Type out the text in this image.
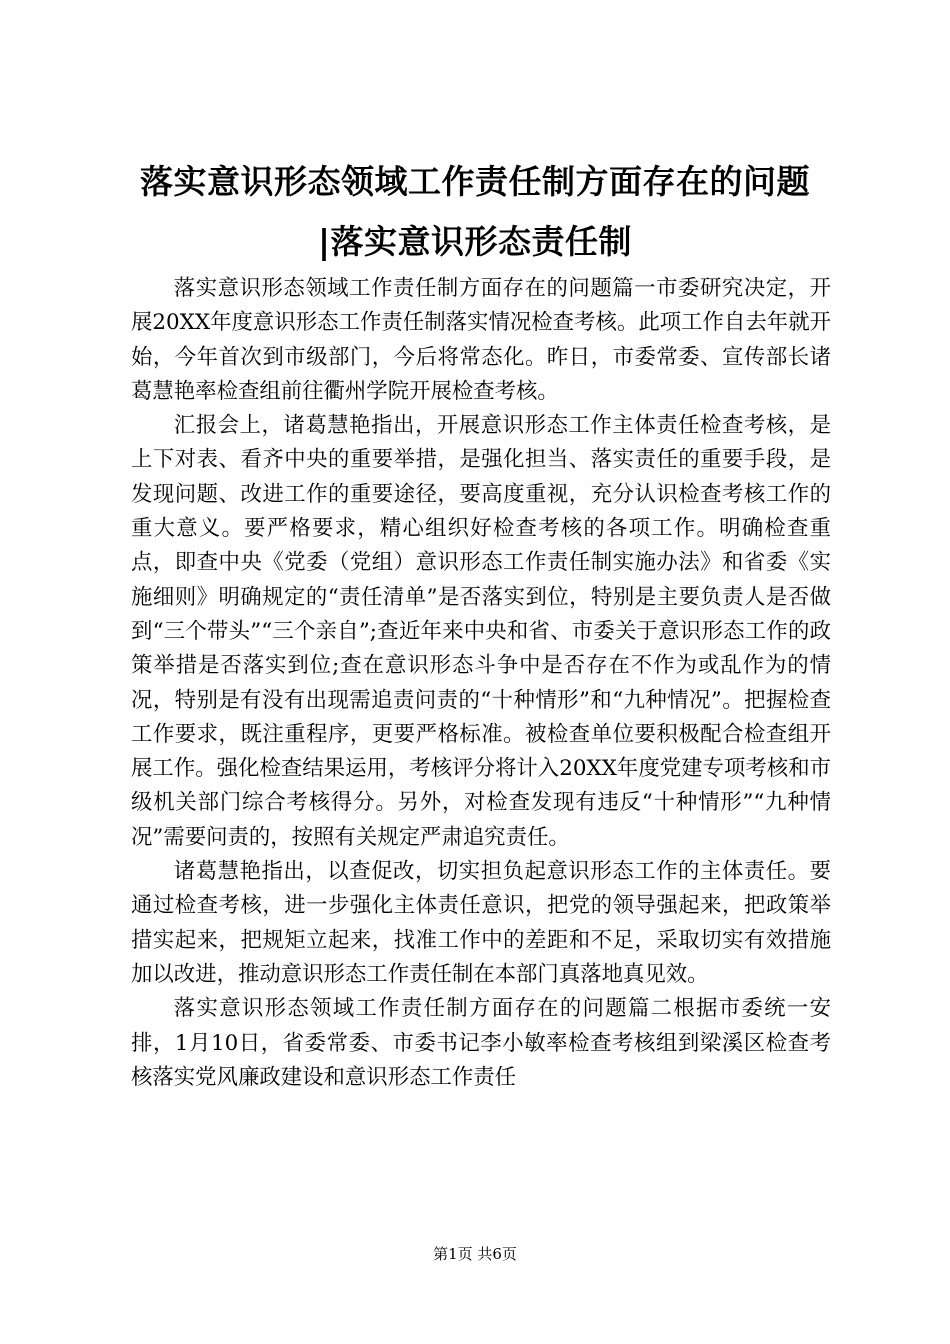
落实意识形态领域工作责任制方面存在的问题
|落实意识形态责任制

落实意识形态领域工作责任制方面存在的问题篇一市委研究决定，开展20XX年度意识形态工作责任制落实情况检查考核。此项工作自去年就开始，今年首次到市级部门，今后将常态化。昨日，市委常委、宣传部长诸葛慧艳率检查组前往衢州学院开展检查考核。

汇报会上，诸葛慧艳指出，开展意识形态工作主体责任检查考核，是上下对表、看齐中央的重要举措，是强化担当、落实责任的重要手段，是发现问题、改进工作的重要途径，要高度重视，充分认识检查考核工作的重大意义。要严格要求，精心组织好检查考核的各项工作。明确检查重点，即查中央《党委（党组）意识形态工作责任制实施办法》和省委《实施细则》明确规定的“责任清单”是否落实到位，特别是主要负责人是否做到“三个带头”“三个亲自”;查近年来中央和省、市委关于意识形态工作的政策举措是否落实到位;查在意识形态斗争中是否存在不作为或乱作为的情况，特别是有没有出现需追责问责的“十种情形”和“九种情况”。把握检查工作要求，既注重程序，更要严格标准。被检查单位要积极配合检查组开展工作。强化检查结果运用，考核评分将计入20XX年度党建专项考核和市级机关部门综合考核得分。另外，对检查发现有违反“十种情形”“九种情况”需要问责的，按照有关规定严肃追究责任。

诸葛慧艳指出，以查促改，切实担负起意识形态工作的主体责任。要通过检查考核，进一步强化主体责任意识，把党的领导强起来，把政策举措实起来，把规矩立起来，找准工作中的差距和不足，采取切实有效措施加以改进，推动意识形态工作责任制在本部门真落地真见效。

落实意识形态领域工作责任制方面存在的问题篇二根据市委统一安排，1月10日，省委常委、市委书记李小敏率检查考核组到梁溪区检查考核落实党风廉政建设和意识形态工作责任

第1页 共6页
